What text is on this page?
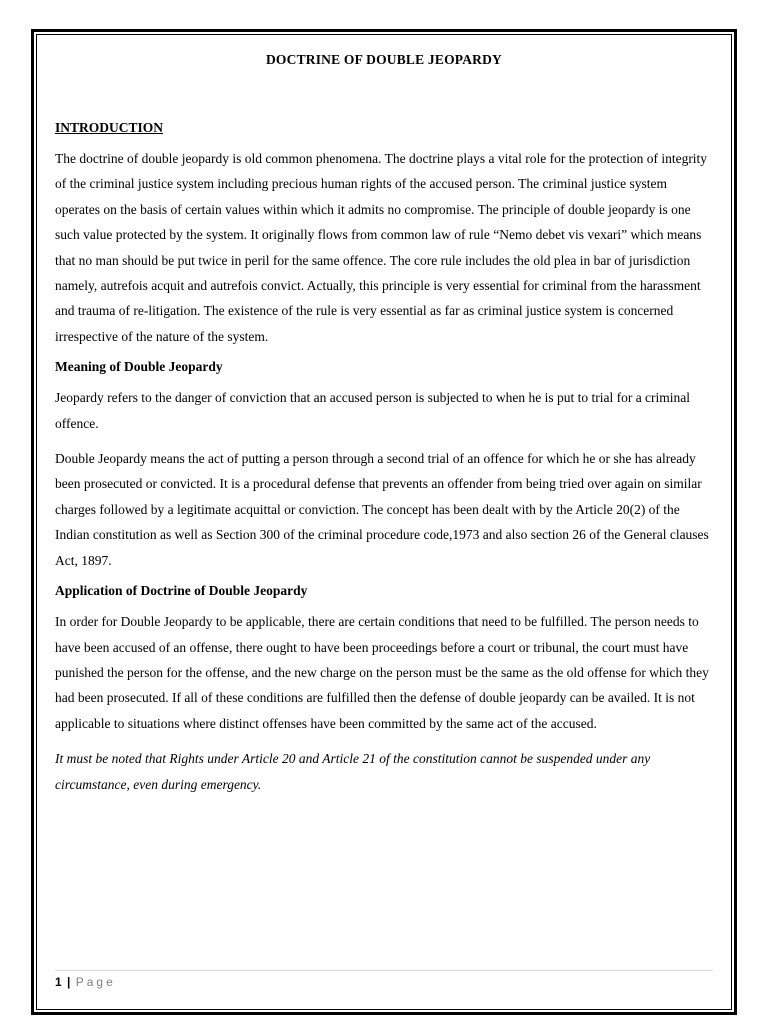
DOCTRINE OF DOUBLE JEOPARDY
INTRODUCTION

The doctrine of double jeopardy is old common phenomena. The doctrine plays a vital role for the protection of integrity of the criminal justice system including precious human rights of the accused person. The criminal justice system operates on the basis of certain values within which it admits no compromise. The principle of double jeopardy is one such value protected by the system. It originally flows from common law of rule “Nemo debet vis vexari” which means that no man should be put twice in peril for the same offence. The core rule includes the old plea in bar of jurisdiction namely, autrefois acquit and autrefois convict. Actually, this principle is very essential for criminal from the harassment and trauma of re-litigation. The existence of the rule is very essential as far as criminal justice system is concerned irrespective of the nature of the system.

Meaning of Double Jeopardy

Jeopardy refers to the danger of conviction that an accused person is subjected to when he is put to trial for a criminal offence.

Double Jeopardy means the act of putting a person through a second trial of an offence for which he or she has already been prosecuted or convicted. It is a procedural defense that prevents an offender from being tried over again on similar charges followed by a legitimate acquittal or conviction. The concept has been dealt with by the Article 20(2) of the Indian constitution as well as Section 300 of the criminal procedure code,1973 and also section 26 of the General clauses Act, 1897.

Application of Doctrine of Double Jeopardy

In order for Double Jeopardy to be applicable, there are certain conditions that need to be fulfilled. The person needs to have been accused of an offense, there ought to have been proceedings before a court or tribunal, the court must have punished the person for the offense, and the new charge on the person must be the same as the old offense for which they had been prosecuted. If all of these conditions are fulfilled then the defense of double jeopardy can be availed. It is not applicable to situations where distinct offenses have been committed by the same act of the accused.

It must be noted that Rights under Article 20 and Article 21 of the constitution cannot be suspended under any circumstance, even during emergency.

1 | Page
